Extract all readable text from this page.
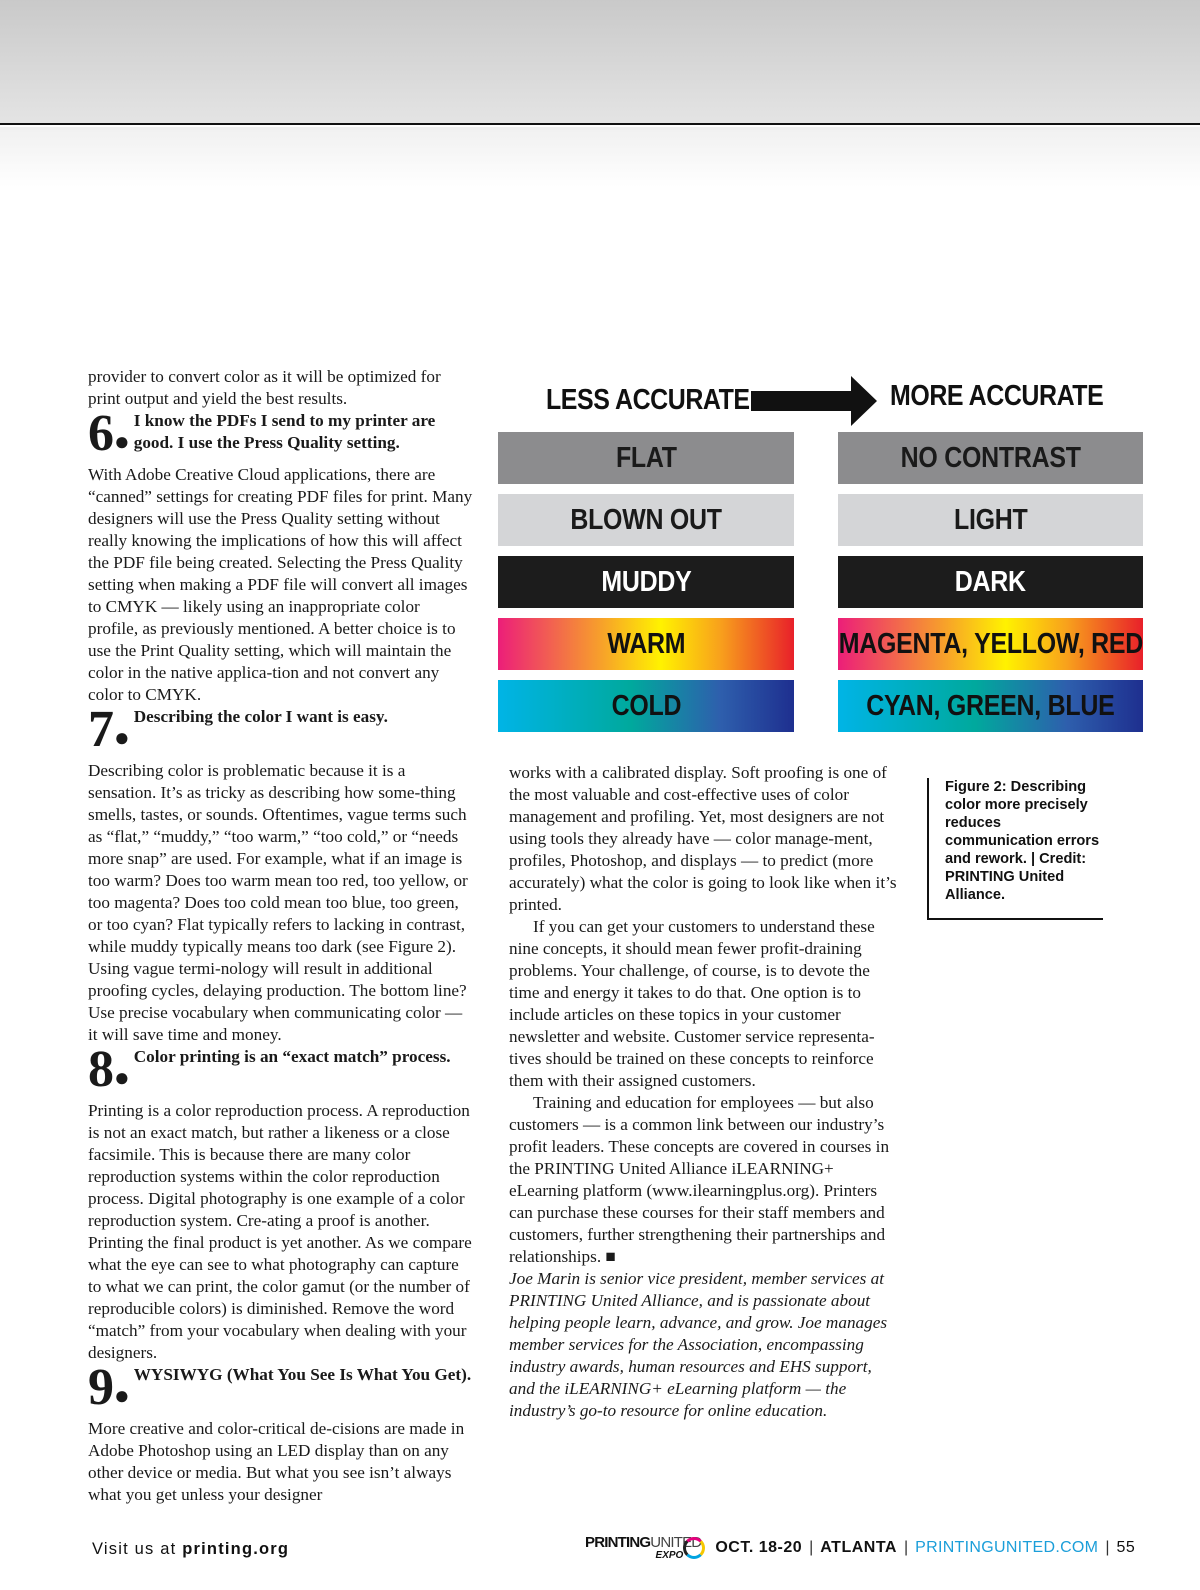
provider to convert color as it will be optimized for print output and yield the best results.

6●

I know the PDFs I send to my printer are good. I use the Press Quality setting.

With Adobe Creative Cloud applications, there are “canned” settings for creating PDF files for print. Many designers will use the Press Quality setting without really knowing the implications of how this will affect the PDF file being created. Selecting the Press Quality setting when making a PDF file will convert all images to CMYK — likely using an inappropriate color profile, as previously mentioned. A better choice is to use the Print Quality setting, which will maintain the color in the native applica-tion and not convert any color to CMYK.

7●

Describing the color I want is easy.

Describing color is problematic because it is a sensation. It’s as tricky as describing how some-thing smells, tastes, or sounds. Oftentimes, vague terms such as “flat,” “muddy,” “too warm,” “too cold,” or “needs more snap” are used. For example, what if an image is too warm? Does too warm mean too red, too yellow, or too magenta? Does too cold mean too blue, too green, or too cyan? Flat typically refers to lacking in contrast, while muddy typically means too dark (see Figure 2). Using vague termi-nology will result in additional proofing cycles, delaying production. The bottom line? Use precise vocabulary when communicating color — it will save time and money.

8●

Color printing is an “exact match” process.

Printing is a color reproduction process. A reproduction is not an exact match, but rather a likeness or a close facsimile. This is because there are many color reproduction systems within the color reproduction process. Digital photography is one example of a color reproduction system. Cre-ating a proof is another. Printing the final product is yet another. As we compare what the eye can see to what photography can capture to what we can print, the color gamut (or the number of reproducible colors) is diminished. Remove the word “match” from your vocabulary when dealing with your designers.

9●

WYSIWYG (What You See Is What You Get).

More creative and color-critical de-cisions are made in Adobe Photoshop using an LED display than on any other device or media. But what you see isn’t always what you get unless your designer

LESS ACCURATE	MORE ACCURATE
FLAT	NO CONTRAST
BLOWN OUT	LIGHT
MUDDY	DARK
WARM	MAGENTA, YELLOW, RED
COLD	CYAN, GREEN, BLUE

works with a calibrated display. Soft proofing is one of the most valuable and cost-effective uses of color management and profiling. Yet, most designers are not using tools they already have — color manage-ment, profiles, Photoshop, and displays — to predict (more accurately) what the color is going to look like when it’s printed.

If you can get your customers to understand these nine concepts, it should mean fewer profit-draining problems. Your challenge, of course, is to devote the time and energy it takes to do that. One option is to include articles on these topics in your customer newsletter and website. Customer service representa-tives should be trained on these concepts to reinforce them with their assigned customers.

Training and education for employees — but also customers — is a common link between our industry’s profit leaders. These concepts are covered in courses in the PRINTING United Alliance iLEARNING+ eLearning platform (www.ilearningplus.org). Printers can purchase these courses for their staff members and customers, further strengthening their partnerships and relationships. ■

Joe Marin is senior vice president, member services at PRINTING United Alliance, and is passionate about helping people learn, advance, and grow. Joe manages member services for the Association, encompassing industry awards, human resources and EHS support, and the iLEARNING+ eLearning platform — the industry’s go-to resource for online education.

Figure 2: Describing color more precisely reduces communication errors and rework. | Credit: PRINTING United Alliance.
Visit us at printing.org	PRINTINGUNITED
EXPO OCT. 18-20 | ATLANTA | PRINTINGUNITED.COM | 55
